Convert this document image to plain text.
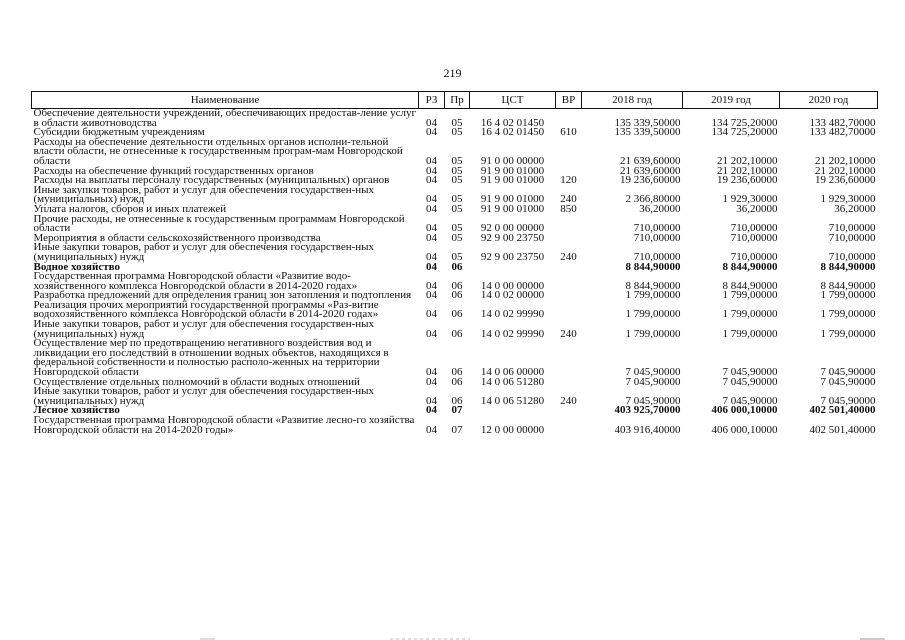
219
Наименование	РЗ	Пр	ЦСТ	ВР	2018 год	2019 год	2020 год
Обеспечение деятельности учреждений, обеспечивающих предостав-ление услуг в области животноводства	04	05	16 4 02 01450		135 339,50000	134 725,20000	133 482,70000
Субсидии бюджетным учреждениям	04	05	16 4 02 01450	610	135 339,50000	134 725,20000	133 482,70000
Расходы на обеспечение деятельности отдельных органов исполни-тельной власти области, не отнесенные к государственным програм-мам Новгородской области	04	05	91 0 00 00000		21 639,60000	21 202,10000	21 202,10000
Расходы на обеспечение функций государственных органов	04	05	91 9 00 01000		21 639,60000	21 202,10000	21 202,10000
Расходы на выплаты персоналу государственных (муниципальных) органов	04	05	91 9 00 01000	120	19 236,60000	19 236,60000	19 236,60000
Иные закупки товаров, работ и услуг для обеспечения государствен-ных (муниципальных) нужд	04	05	91 9 00 01000	240	2 366,80000	1 929,30000	1 929,30000
Уплата налогов, сборов и иных платежей	04	05	91 9 00 01000	850	36,20000	36,20000	36,20000
Прочие расходы, не отнесенные к государственным программам Новгородской области	04	05	92 0 00 00000		710,00000	710,00000	710,00000
Мероприятия в области сельскохозяйственного производства	04	05	92 9 00 23750		710,00000	710,00000	710,00000
Иные закупки товаров, работ и услуг для обеспечения государствен-ных (муниципальных) нужд	04	05	92 9 00 23750	240	710,00000	710,00000	710,00000
Водное хозяйство	04	06			8 844,90000	8 844,90000	8 844,90000
Государственная программа Новгородской области «Развитие водо-хозяйственного комплекса Новгородской области в 2014-2020 годах»	04	06	14 0 00 00000		8 844,90000	8 844,90000	8 844,90000
Разработка предложений для определения границ зон затопления и подтопления	04	06	14 0 02 00000		1 799,00000	1 799,00000	1 799,00000
Реализация прочих мероприятий государственной программы «Раз-витие водохозяйственного комплекса Новгородской области в 2014-2020 годах»	04	06	14 0 02 99990		1 799,00000	1 799,00000	1 799,00000
Иные закупки товаров, работ и услуг для обеспечения государствен-ных (муниципальных) нужд	04	06	14 0 02 99990	240	1 799,00000	1 799,00000	1 799,00000
Осуществление мер по предотвращению негативного воздействия вод и ликвидации его последствий в отношении водных объектов, находящихся в федеральной собственности и полностью располо-женных на территории Новгородской области	04	06	14 0 06 00000		7 045,90000	7 045,90000	7 045,90000
Осуществление отдельных полномочий в области водных отношений	04	06	14 0 06 51280		7 045,90000	7 045,90000	7 045,90000
Иные закупки товаров, работ и услуг для обеспечения государствен-ных (муниципальных) нужд	04	06	14 0 06 51280	240	7 045,90000	7 045,90000	7 045,90000
Лесное хозяйство	04	07			403 925,70000	406 000,10000	402 501,40000
Государственная программа Новгородской области «Развитие лесно-го хозяйства Новгородской области на 2014-2020 годы»	04	07	12 0 00 00000		403 916,40000	406 000,10000	402 501,40000
